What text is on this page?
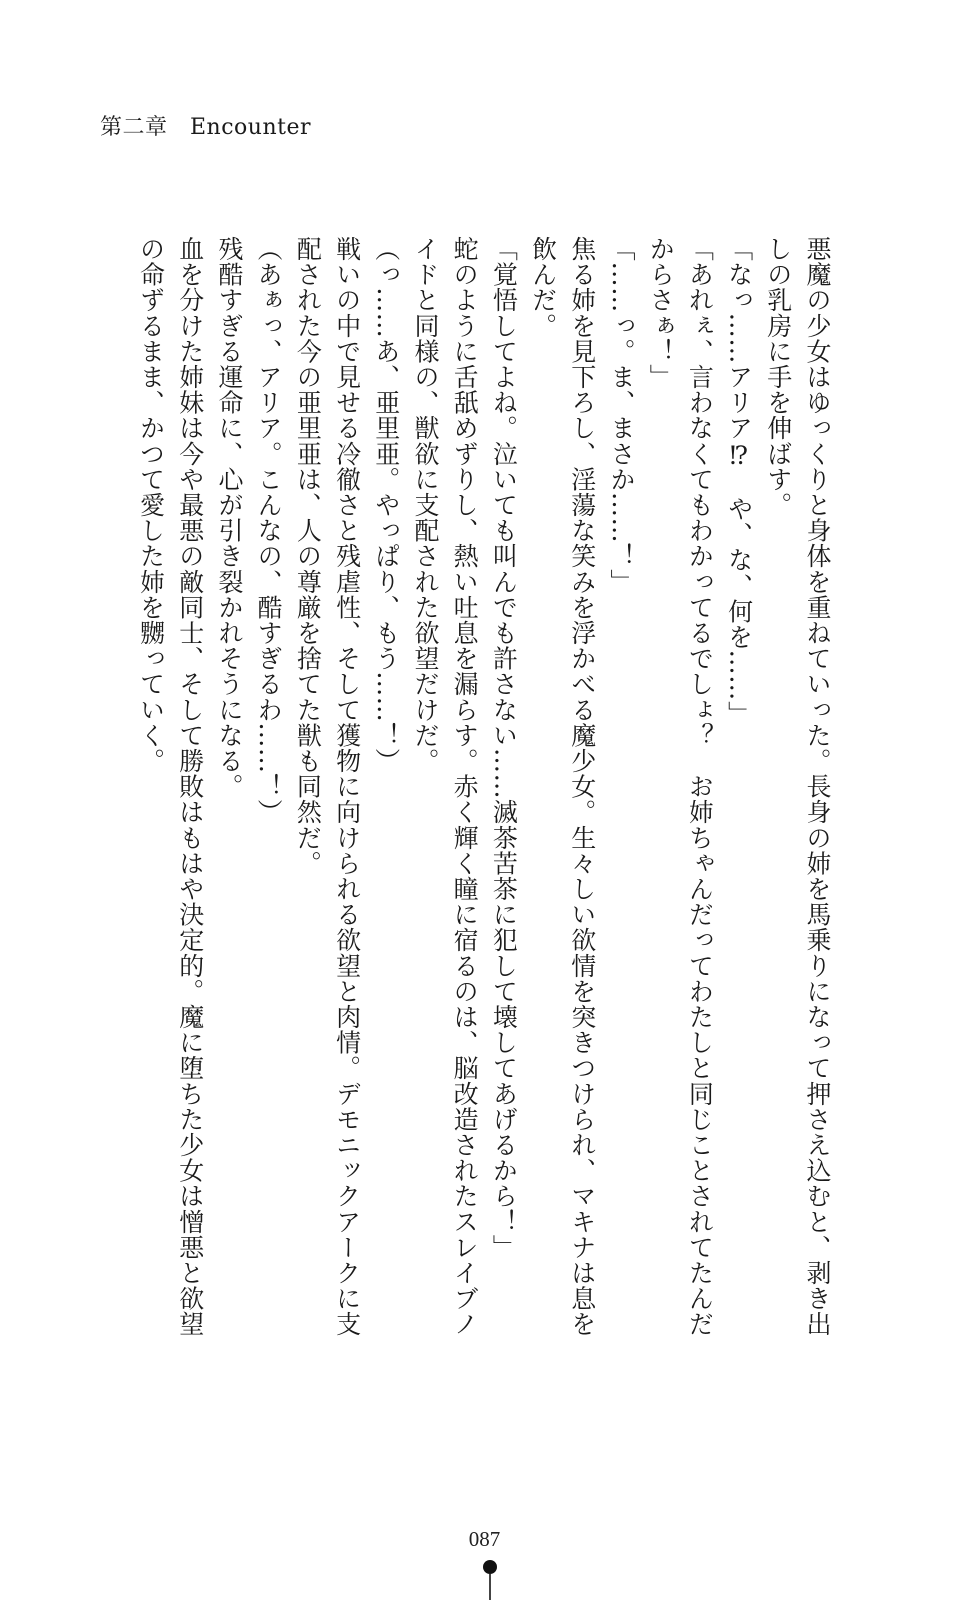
第二章　Encounter

悪魔の少女はゆっくりと身体を重ねていった。長身の姉を馬乗りになって押さえ込むと、剥き出しの乳房に手を伸ばす。

「なっ……アリア⁉　や、な、何を……」

「あれぇ、言わなくてもわかってるでしょ？　お姉ちゃんだってわたしと同じことされてたんだからさぁ！」

「……っ。ま、まさか……！」

焦る姉を見下ろし、淫蕩な笑みを浮かべる魔少女。生々しい欲情を突きつけられ、マキナは息を飲んだ。

「覚悟してよね。泣いても叫んでも許さない……滅茶苦茶に犯して壊してあげるから！」

蛇のように舌舐めずりし、熱い吐息を漏らす。赤く輝く瞳に宿るのは、脳改造されたスレイブノイドと同様の、獣欲に支配された欲望だけだ。

（っ……あ、亜里亜。やっぱり、もう……！）

戦いの中で見せる冷徹さと残虐性、そして獲物に向けられる欲望と肉情。デモニックアークに支配された今の亜里亜は、人の尊厳を捨てた獣も同然だ。

（あぁっ、アリア。こんなの、酷すぎるわ……！）

残酷すぎる運命に、心が引き裂かれそうになる。

血を分けた姉妹は今や最悪の敵同士、そして勝敗はもはや決定的。魔に堕ちた少女は憎悪と欲望の命ずるまま、かつて愛した姉を嬲っていく。

087
